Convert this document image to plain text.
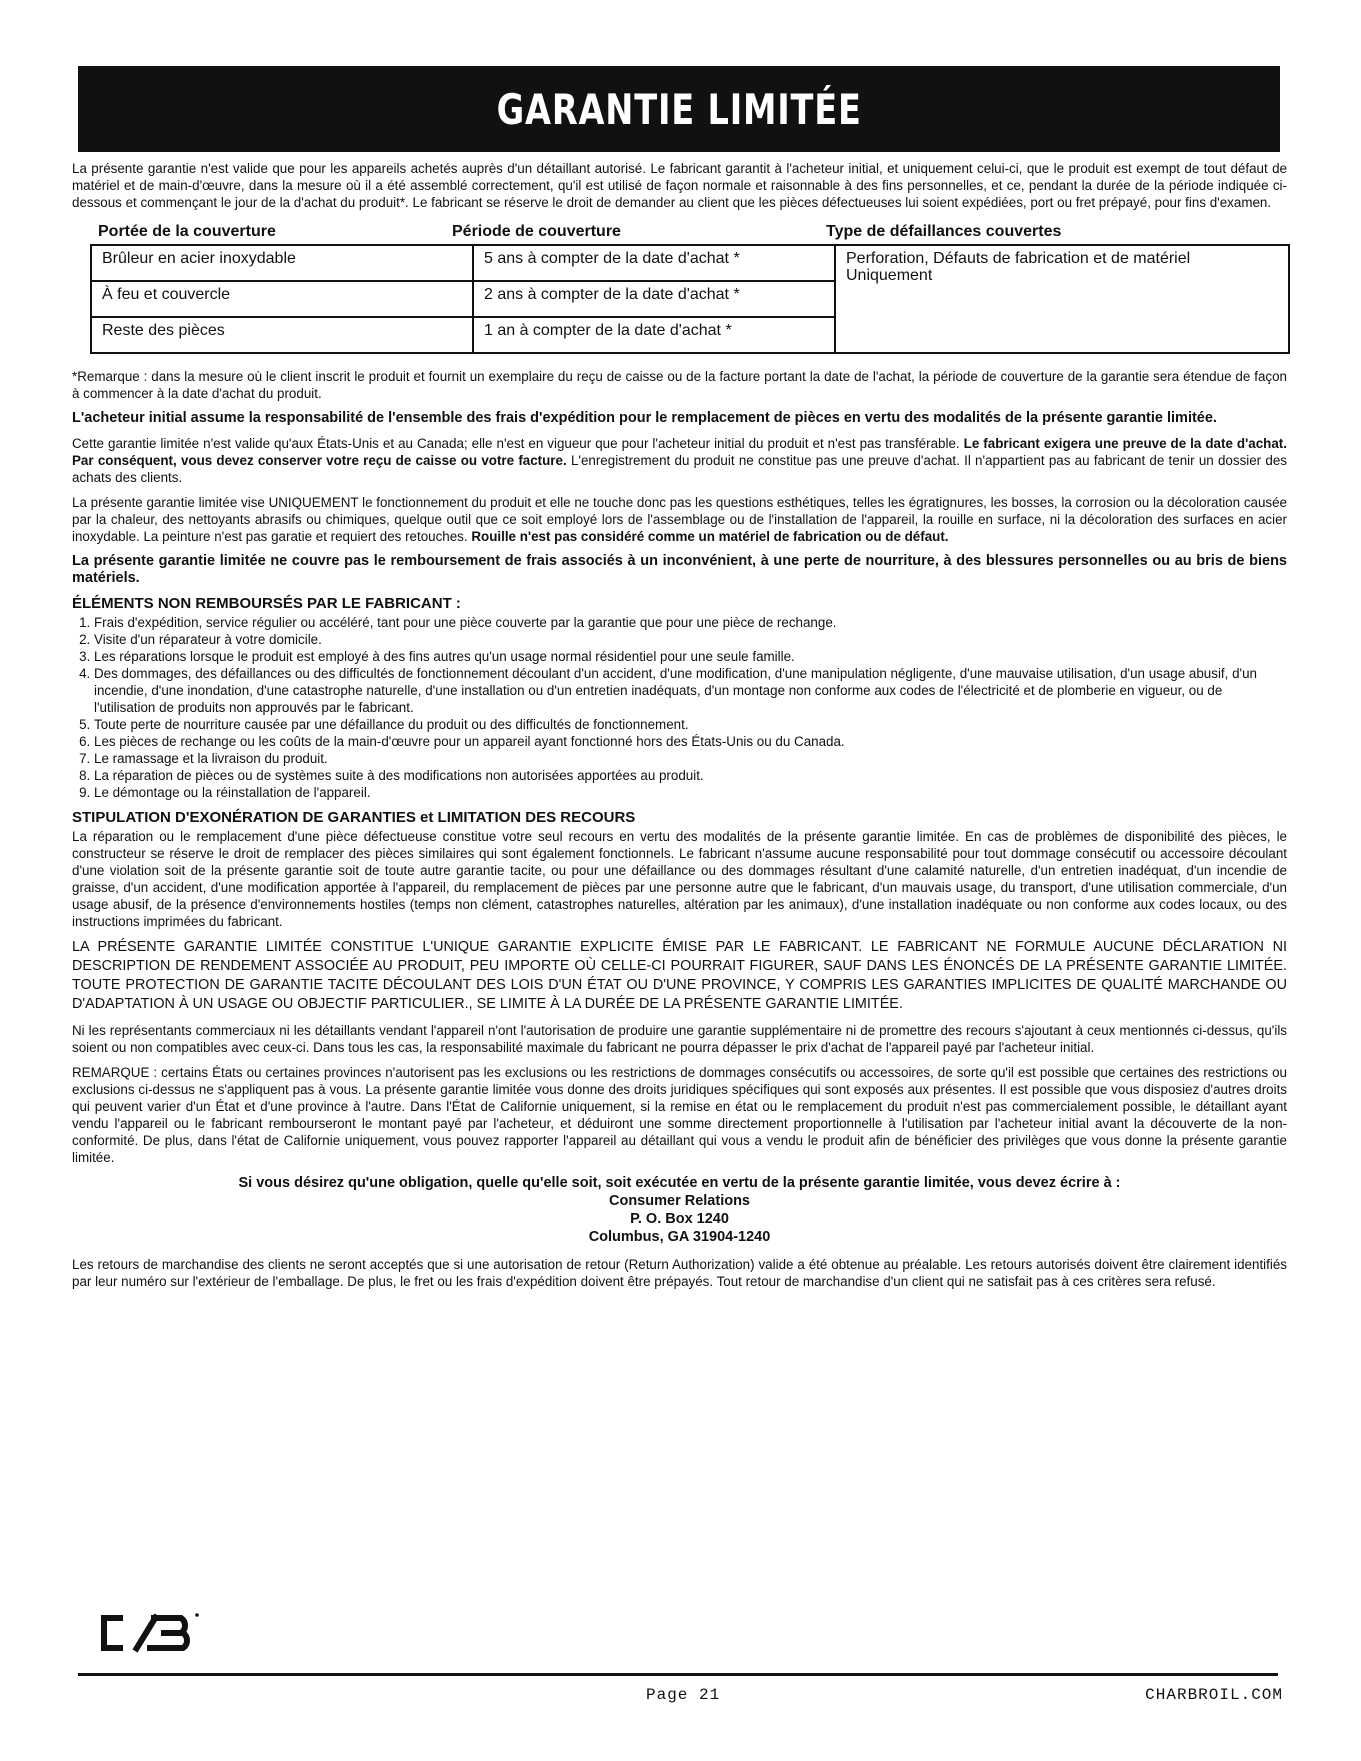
GARANTIE LIMITÉE

La présente garantie n'est valide que pour les appareils achetés auprès d'un détaillant autorisé. Le fabricant garantit à l'acheteur initial, et uniquement celui-ci, que le produit est exempt de tout défaut de matériel et de main-d'œuvre, dans la mesure où il a été assemblé correctement, qu'il est utilisé de façon normale et raisonnable à des fins personnelles, et ce, pendant la durée de la période indiquée ci-dessous et commençant le jour de la d'achat du produit*. Le fabricant se réserve le droit de demander au client que les pièces défectueuses lui soient expédiées, port ou fret prépayé, pour fins d'examen.

Portée de la couverture	Période de couverture	Type de défaillances couvertes
Brûleur en acier inoxydable	5 ans à compter de la date d'achat *	Perforation, Défauts de fabrication et de matériel
Uniquement

À feu et couvercle	2 ans à compter de la date d'achat *	
Reste des pièces	1 an à compter de la date d'achat *	

*Remarque : dans la mesure où le client inscrit le produit et fournit un exemplaire du reçu de caisse ou de la facture portant la date de l'achat, la période de couverture de la garantie sera étendue de façon à commencer à la date d'achat du produit.

L'acheteur initial assume la responsabilité de l'ensemble des frais d'expédition pour le remplacement de pièces en vertu des modalités de la présente garantie limitée.

Cette garantie limitée n'est valide qu'aux États-Unis et au Canada; elle n'est en vigueur que pour l'acheteur initial du produit et n'est pas transférable. Le fabricant exigera une preuve de la date d'achat. Par conséquent, vous devez conserver votre reçu de caisse ou votre facture. L'enregistrement du produit ne constitue pas une preuve d'achat. Il n'appartient pas au fabricant de tenir un dossier des achats des clients.

La présente garantie limitée vise UNIQUEMENT le fonctionnement du produit et elle ne touche donc pas les questions esthétiques, telles les égratignures, les bosses, la corrosion ou la décoloration causée par la chaleur, des nettoyants abrasifs ou chimiques, quelque outil que ce soit employé lors de l'assemblage ou de l'installation de l'appareil, la rouille en surface, ni la décoloration des surfaces en acier inoxydable. La peinture n'est pas garatie et requiert des retouches. Rouille n'est pas considéré comme un matériel de fabrication ou de défaut.

La présente garantie limitée ne couvre pas le remboursement de frais associés à un inconvénient, à une perte de nourriture, à des blessures personnelles ou au bris de biens matériels.

ÉLÉMENTS NON REMBOURSÉS PAR LE FABRICANT :
1. Frais d'expédition, service régulier ou accéléré, tant pour une pièce couverte par la garantie que pour une pièce de rechange.
2. Visite d'un réparateur à votre domicile.
3. Les réparations lorsque le produit est employé à des fins autres qu'un usage normal résidentiel pour une seule famille.
4. Des dommages, des défaillances ou des difficultés de fonctionnement découlant d'un accident, d'une modification, d'une manipulation négligente, d'une mauvaise utilisation, d'un usage abusif, d'un incendie, d'une inondation, d'une catastrophe naturelle, d'une installation ou d'un entretien inadéquats, d'un montage non conforme aux codes de l'électricité et de plomberie en vigueur, ou de l'utilisation de produits non approuvés par le fabricant.
5. Toute perte de nourriture causée par une défaillance du produit ou des difficultés de fonctionnement.
6. Les pièces de rechange ou les coûts de la main-d'œuvre pour un appareil ayant fonctionné hors des États-Unis ou du Canada.
7. Le ramassage et la livraison du produit.
8. La réparation de pièces ou de systèmes suite à des modifications non autorisées apportées au produit.
9. Le démontage ou la réinstallation de l'appareil.
STIPULATION D'EXONÉRATION DE GARANTIES et LIMITATION DES RECOURS

La réparation ou le remplacement d'une pièce défectueuse constitue votre seul recours en vertu des modalités de la présente garantie limitée. En cas de problèmes de disponibilité des pièces, le constructeur se réserve le droit de remplacer des pièces similaires qui sont également fonctionnels. Le fabricant n'assume aucune responsabilité pour tout dommage consécutif ou accessoire découlant d'une violation soit de la présente garantie soit de toute autre garantie tacite, ou pour une défaillance ou des dommages résultant d'une calamité naturelle, d'un entretien inadéquat, d'un incendie de graisse, d'un accident, d'une modification apportée à l'appareil, du remplacement de pièces par une personne autre que le fabricant, d'un mauvais usage, du transport, d'une utilisation commerciale, d'un usage abusif, de la présence d'environnements hostiles (temps non clément, catastrophes naturelles, altération par les animaux), d'une installation inadéquate ou non conforme aux codes locaux, ou des instructions imprimées du fabricant.

LA PRÉSENTE GARANTIE LIMITÉE CONSTITUE L'UNIQUE GARANTIE EXPLICITE ÉMISE PAR LE FABRICANT. LE FABRICANT NE FORMULE AUCUNE DÉCLARATION NI DESCRIPTION DE RENDEMENT ASSOCIÉE AU PRODUIT, PEU IMPORTE OÙ CELLE-CI POURRAIT FIGURER, SAUF DANS LES ÉNONCÉS DE LA PRÉSENTE GARANTIE LIMITÉE. TOUTE PROTECTION DE GARANTIE TACITE DÉCOULANT DES LOIS D'UN ÉTAT OU D'UNE PROVINCE, Y COMPRIS LES GARANTIES IMPLICITES DE QUALITÉ MARCHANDE OU D'ADAPTATION À UN USAGE OU OBJECTIF PARTICULIER., SE LIMITE À LA DURÉE DE LA PRÉSENTE GARANTIE LIMITÉE.

Ni les représentants commerciaux ni les détaillants vendant l'appareil n'ont l'autorisation de produire une garantie supplémentaire ni de promettre des recours s'ajoutant à ceux mentionnés ci-dessus, qu'ils soient ou non compatibles avec ceux-ci. Dans tous les cas, la responsabilité maximale du fabricant ne pourra dépasser le prix d'achat de l'appareil payé par l'acheteur initial.

REMARQUE : certains États ou certaines provinces n'autorisent pas les exclusions ou les restrictions de dommages consécutifs ou accessoires, de sorte qu'il est possible que certaines des restrictions ou exclusions ci-dessus ne s'appliquent pas à vous. La présente garantie limitée vous donne des droits juridiques spécifiques qui sont exposés aux présentes. Il est possible que vous disposiez d'autres droits qui peuvent varier d'un État et d'une province à l'autre. Dans l'État de Californie uniquement, si la remise en état ou le remplacement du produit n'est pas commercialement possible, le détaillant ayant vendu l'appareil ou le fabricant rembourseront le montant payé par l'acheteur, et déduiront une somme directement proportionnelle à l'utilisation par l'acheteur initial avant la découverte de la non-conformité. De plus, dans l'état de Californie uniquement, vous pouvez rapporter l'appareil au détaillant qui vous a vendu le produit afin de bénéficier des privilèges que vous donne la présente garantie limitée.

Si vous désirez qu'une obligation, quelle qu'elle soit, soit exécutée en vertu de la présente garantie limitée, vous devez écrire à :
Consumer Relations
P. O. Box 1240
Columbus, GA 31904-1240

Les retours de marchandise des clients ne seront acceptés que si une autorisation de retour (Return Authorization) valide a été obtenue au préalable. Les retours autorisés doivent être clairement identifiés par leur numéro sur l'extérieur de l'emballage. De plus, le fret ou les frais d'expédition doivent être prépayés. Tout retour de marchandise d'un client qui ne satisfait pas à ces critères sera refusé.

Page 21	CHARBROIL.COM
